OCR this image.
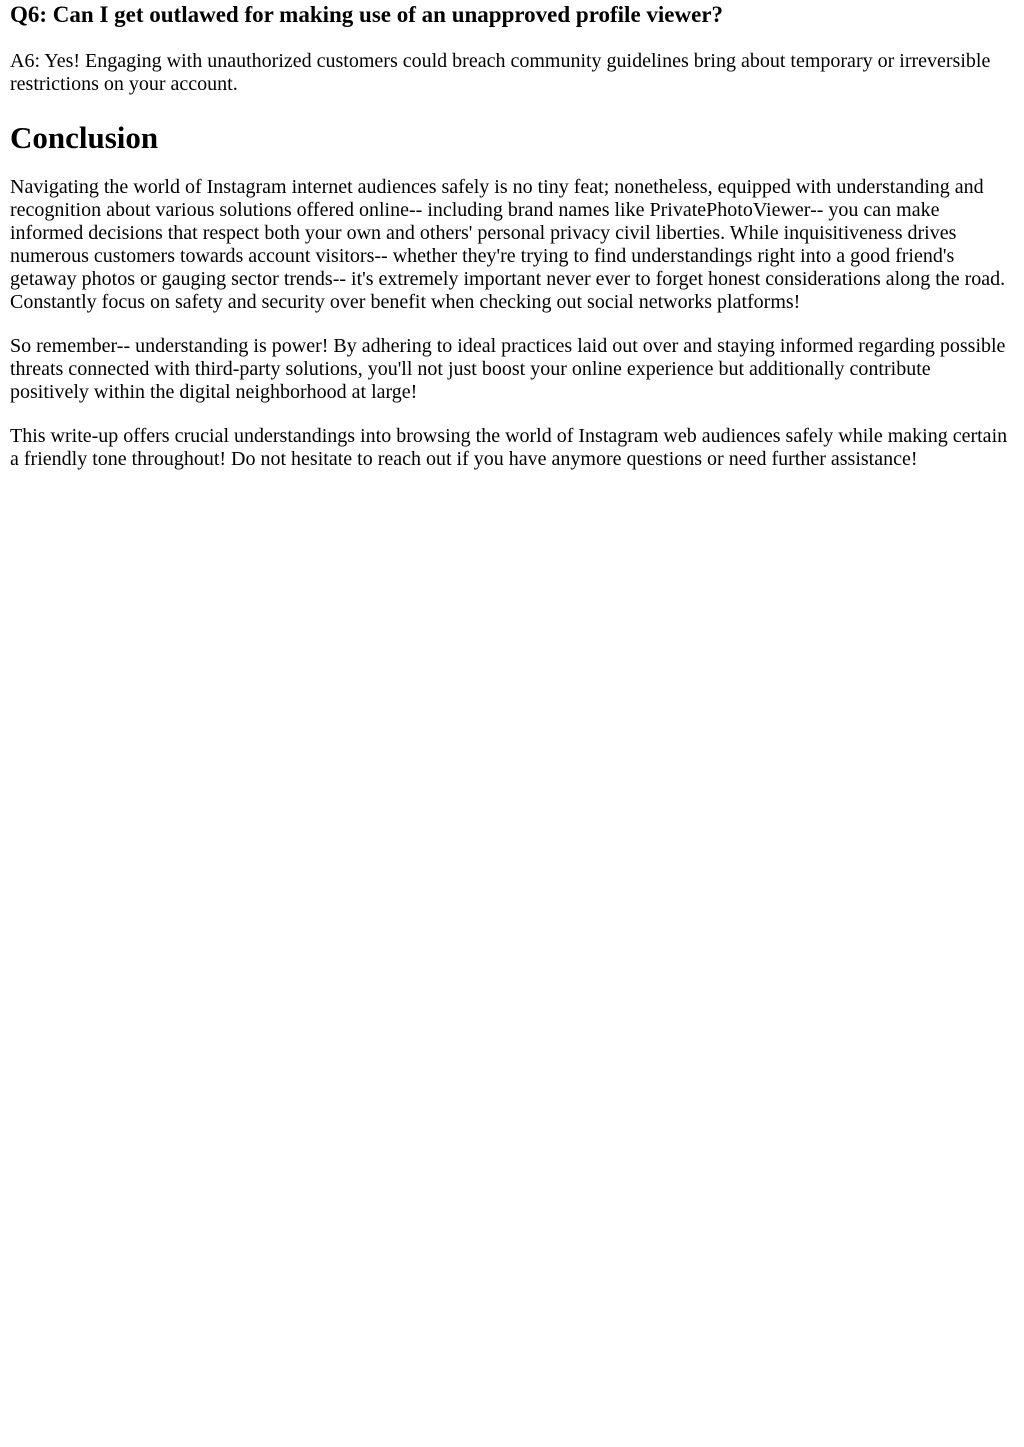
Q6: Can I get outlawed for making use of an unapproved profile viewer?

A6: Yes! Engaging with unauthorized customers could breach community guidelines bring about temporary or irreversible restrictions on your account.

Conclusion

Navigating the world of Instagram internet audiences safely is no tiny feat; nonetheless, equipped with understanding and recognition about various solutions offered online-- including brand names like PrivatePhotoViewer-- you can make informed decisions that respect both your own and others' personal privacy civil liberties. While inquisitiveness drives numerous customers towards account visitors-- whether they're trying to find understandings right into a good friend's getaway photos or gauging sector trends-- it's extremely important never ever to forget honest considerations along the road. Constantly focus on safety and security over benefit when checking out social networks platforms!

So remember-- understanding is power! By adhering to ideal practices laid out over and staying informed regarding possible threats connected with third-party solutions, you'll not just boost your online experience but additionally contribute positively within the digital neighborhood at large!

This write-up offers crucial understandings into browsing the world of Instagram web audiences safely while making certain a friendly tone throughout! Do not hesitate to reach out if you have anymore questions or need further assistance!
